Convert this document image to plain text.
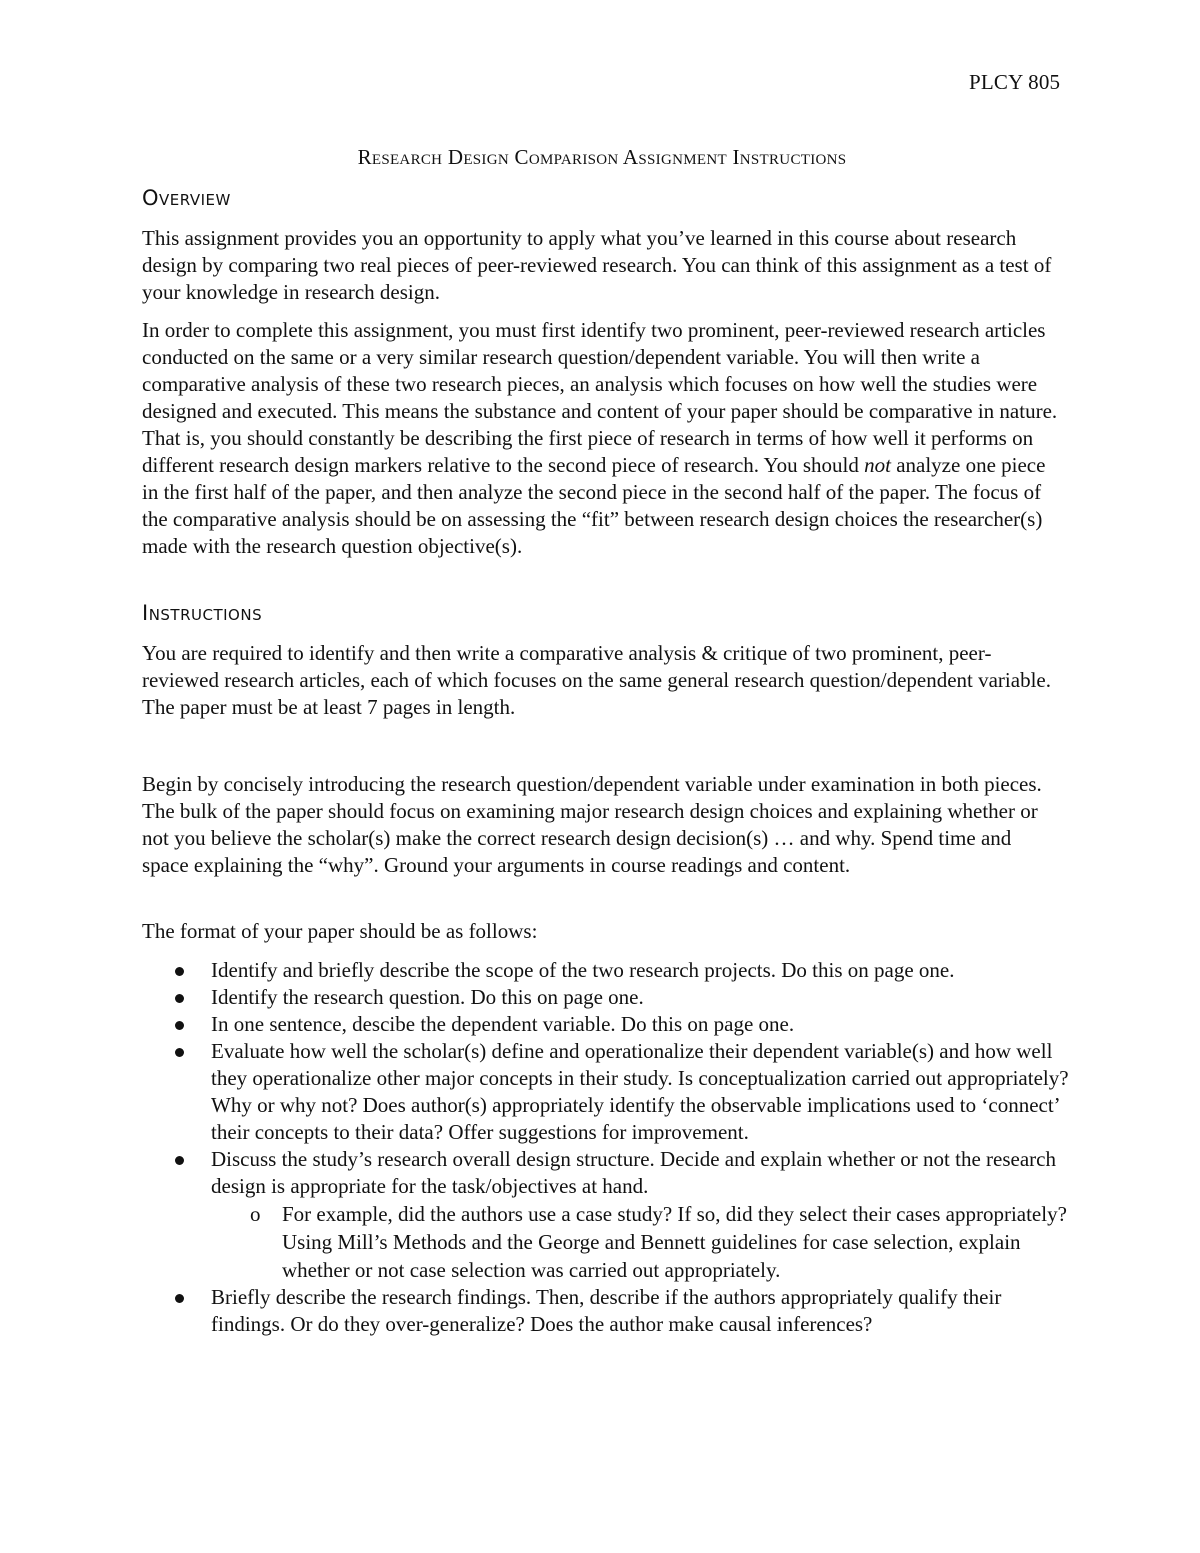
PLCY 805
Research Design Comparison Assignment Instructions
Overview

This assignment provides you an opportunity to apply what you’ve learned in this course about research design by comparing two real pieces of peer-reviewed research. You can think of this assignment as a test of your knowledge in research design.

In order to complete this assignment, you must first identify two prominent, peer-reviewed research articles conducted on the same or a very similar research question/dependent variable. You will then write a comparative analysis of these two research pieces, an analysis which focuses on how well the studies were designed and executed. This means the substance and content of your paper should be comparative in nature. That is, you should constantly be describing the first piece of research in terms of how well it performs on different research design markers relative to the second piece of research. You should not analyze one piece in the first half of the paper, and then analyze the second piece in the second half of the paper. The focus of the comparative analysis should be on assessing the “fit” between research design choices the researcher(s) made with the research question objective(s).

Instructions

You are required to identify and then write a comparative analysis & critique of two prominent, peer-reviewed research articles, each of which focuses on the same general research question/dependent variable. The paper must be at least 7 pages in length.

Begin by concisely introducing the research question/dependent variable under examination in both pieces. The bulk of the paper should focus on examining major research design choices and explaining whether or not you believe the scholar(s) make the correct research design decision(s) … and why. Spend time and space explaining the “why”. Ground your arguments in course readings and content.

The format of your paper should be as follows:

Identify and briefly describe the scope of the two research projects. Do this on page one.
Identify the research question. Do this on page one.
In one sentence, descibe the dependent variable. Do this on page one.
Evaluate how well the scholar(s) define and operationalize their dependent variable(s) and how well they operationalize other major concepts in their study. Is conceptualization carried out appropriately? Why or why not? Does author(s) appropriately identify the observable implications used to ‘connect’ their concepts to their data? Offer suggestions for improvement.
Discuss the study’s research overall design structure. Decide and explain whether or not the research design is appropriate for the task/objectives at hand.
o For example, did the authors use a case study? If so, did they select their cases appropriately? Using Mill’s Methods and the George and Bennett guidelines for case selection, explain whether or not case selection was carried out appropriately.
Briefly describe the research findings. Then, describe if the authors appropriately qualify their findings. Or do they over-generalize? Does the author make causal inferences?
